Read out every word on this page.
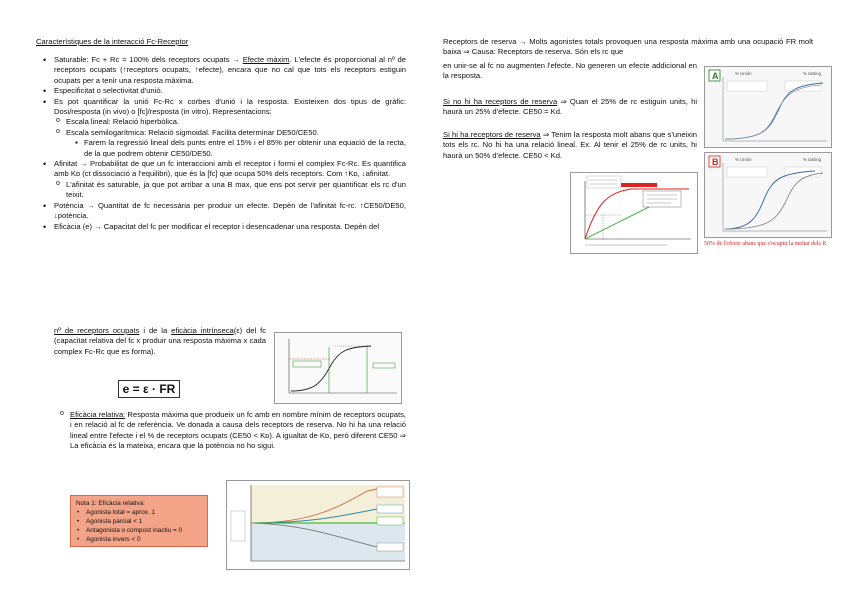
Característiques de la interacció Fc-Receptor
• Saturable: Fc + Rc = 100% dels receptors ocupats → Efecte màxim. L'efecte és proporcional al nº de receptors ocupats (↑receptors ocupats, ↑efecte), encara que no cal que tots els receptors estiguin ocupats per a tenir una resposta màxima.
• Especificitat o selectivitat d'unió.
• Es pot quantificar la unió Fc-Rc x corbes d'unió i la resposta. Existeixen dos tipus de gràfic: Dosi/resposta (in vivo) o [fc]/resposta (in vitro). Representacions:
o Escala lineal: Relació hiperbòlica.
o Escala semilogarítmica: Relació sigmoidal. Facilita determinar DE50/CE50.
▪ Farem la regressió lineal dels punts entre el 15% i el 85% per obtenir una equació de la recta, de la que podrem obtenir CE50/DE50.
• Afinitat → Probabilitat de que un fc interaccioni amb el receptor i formi el complex Fc-Rc. Es quantifica amb Kᴅ (ct dissociació a l'equilibri), que és la [fc] que ocupa 50% dels receptors. Com ↑Kᴅ, ↓afinitat.
o L'afinitat és saturable, ja que pot arribar a una B max, que ens pot servir per quantificar els rc d'un teixit.
• Potència → Quantitat de fc necessària per produir un efecte. Depèn de l'afinitat fc-rc. ↑CE50/DE50, ↓potència.
• Eficàcia (e) → Capacitat del fc per modificar el receptor i desencadenar una resposta. Depèn del
nº de receptors ocupats i de la eficàcia intrínseca(ε) del fc (capacitat relativa del fc x produir una resposta màxima x cada complex Fc-Rc que es forma).
e = ε · FR
o Eficàcia relativa: Resposta màxima que produeix un fc amb en nombre mínim de receptors ocupats, i en relació al fc de referència. Ve donada a causa dels receptors de reserva. No hi ha una relació lineal entre l'efecte i el % de receptors ocupats (CE50 < Kᴅ). A igualtat de Kᴅ, però diferent CE50 ⇒ La eficàcia és la mateixa, encara que la potència no ho sigui.
Nota 1: Eficàcia relativa:
• Agonista total = aprox. 1
• Agonista parcial < 1
• Antagonista o compost inactiu = 0
• Agonista invers < 0
Receptors de reserva → Molts agonistes totals provoquen una resposta màxima amb una ocupació FR molt baixa ⇒ Causa: Receptors de reserva. Són els rc que
en unir-se al fc no augmenten l'efecte. No generen un efecte addicional en la resposta.
Si no hi ha receptors de reserva ⇒ Quan el 25% de rc estiguin units, hi haurà un 25% d'efecte. CE50 = Kd.
Si hi ha receptors de reserva ⇒ Tenim la resposta molt abans que s'uneixin tots els rc. No hi ha una relació lineal. Ex. Al tenir el 25% de rc units, hi haurà un 50% d'efecte. CE50 < Kd.
A	% Unión	% tasting
B	% Unión	% tasting
50% de l'efecte abans que s'ocupin la meitat dels R
